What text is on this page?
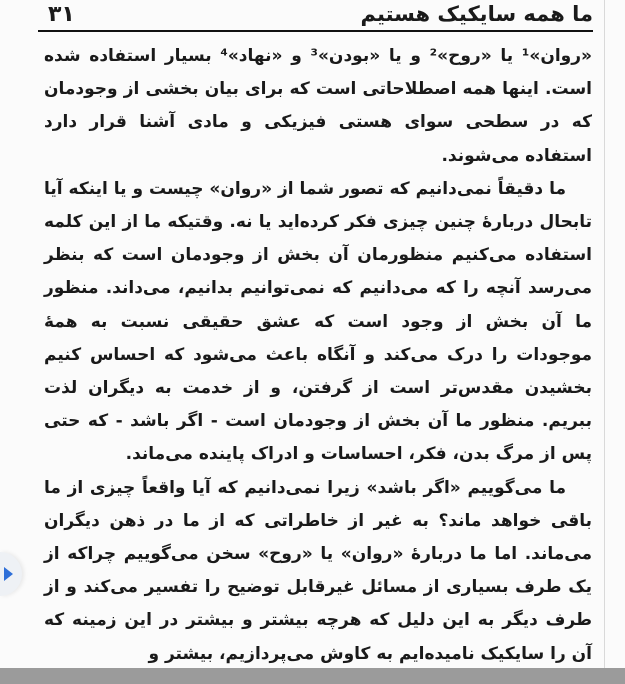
۳۱	ما همه سایکیک هستیم

«روان»¹ یا «روح»² و یا «بودن»³ و «نهاد»⁴ بسیار استفاده شده است. اینها همه اصطلاحاتی است که برای بیان بخشی از وجودمان که در سطحی سوای هستی فیزیکی و مادی آشنا قرار دارد استفاده می‌شوند.

ما دقیقاً نمی‌دانیم که تصور شما از «روان» چیست و یا اینکه آیا تابحال دربارهٔ چنین چیزی فکر کرده‌اید یا نه. وقتیکه ما از این کلمه استفاده می‌کنیم منظورمان آن بخش از وجودمان است که بنظر می‌رسد آنچه را که می‌دانیم که نمی‌توانیم بدانیم، می‌داند. منظور ما آن بخش از وجود است که عشق حقیقی نسبت به همهٔ موجودات را درک می‌کند و آنگاه باعث می‌شود که احساس کنیم بخشیدن مقدس‌تر است از گرفتن، و از خدمت به دیگران لذت ببریم. منظور ما آن بخش از وجودمان است - اگر باشد - که حتی پس از مرگ بدن، فکر، احساسات و ادراک پاینده می‌ماند.

ما می‌گوییم «اگر باشد» زیرا نمی‌دانیم که آیا واقعاً چیزی از ما باقی خواهد ماند؟ به غیر از خاطراتی که از ما در ذهن دیگران می‌ماند. اما ما دربارهٔ «روان» یا «روح» سخن می‌گوییم چراکه از یک طرف بسیاری از مسائل غیرقابل توضیح را تفسیر می‌کند و از طرف دیگر به این دلیل که هرچه بیشتر و بیشتر در این زمینه که آن را سایکیک نامیده‌ایم به کاوش می‌پردازیم، بیشتر و
